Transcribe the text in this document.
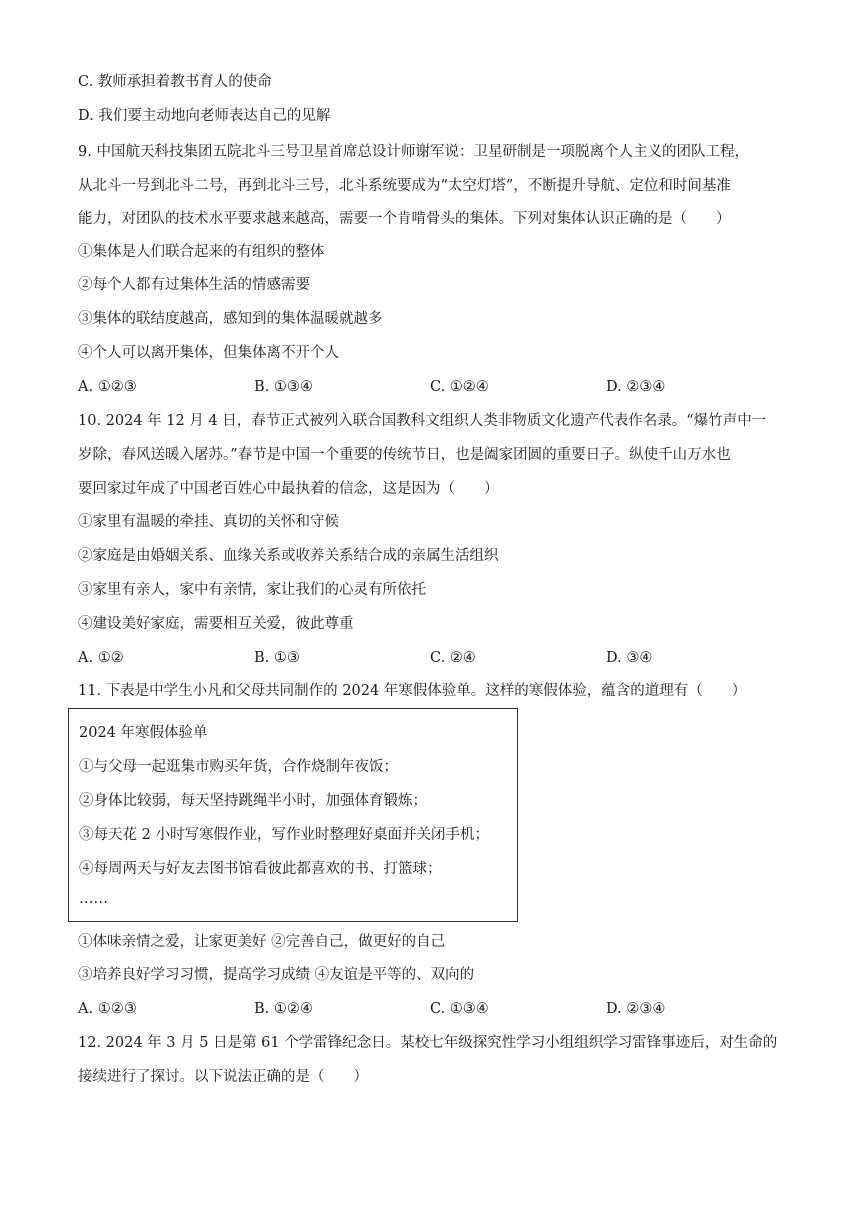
C. 教师承担着教书育人的使命
D. 我们要主动地向老师表达自己的见解
9. 中国航天科技集团五院北斗三号卫星首席总设计师谢军说：卫星研制是一项脱离个人主义的团队工程，
从北斗一号到北斗二号，再到北斗三号，北斗系统要成为“太空灯塔”，不断提升导航、定位和时间基准
能力，对团队的技术水平要求越来越高，需要一个肯啃骨头的集体。下列对集体认识正确的是（　　）
①集体是人们联合起来的有组织的整体
②每个人都有过集体生活的情感需要
③集体的联结度越高，感知到的集体温暖就越多
④个人可以离开集体，但集体离不开个人
A. ①②③	B. ①③④	C. ①②④	D. ②③④
10. 2024 年 12 月 4 日，春节正式被列入联合国教科文组织人类非物质文化遗产代表作名录。“爆竹声中一
岁除，春风送暖入屠苏。”春节是中国一个重要的传统节日，也是阖家团圆的重要日子。纵使千山万水也
要回家过年成了中国老百姓心中最执着的信念，这是因为（　　）
①家里有温暖的牵挂、真切的关怀和守候
②家庭是由婚姻关系、血缘关系或收养关系结合成的亲属生活组织
③家里有亲人，家中有亲情，家让我们的心灵有所依托
④建设美好家庭，需要相互关爱，彼此尊重
A. ①②	B. ①③	C. ②④	D. ③④
11. 下表是中学生小凡和父母共同制作的 2024 年寒假体验单。这样的寒假体验，蕴含的道理有（　　）
2024 年寒假体验单
①与父母一起逛集市购买年货，合作烧制年夜饭；
②身体比较弱，每天坚持跳绳半小时，加强体育锻炼；
③每天花 2 小时写寒假作业，写作业时整理好桌面并关闭手机；
④每周两天与好友去图书馆看彼此都喜欢的书、打篮球；
……
①体味亲情之爱，让家更美好 ②完善自己，做更好的自己
③培养良好学习习惯，提高学习成绩 ④友谊是平等的、双向的
A. ①②③	B. ①②④	C. ①③④	D. ②③④
12. 2024 年 3 月 5 日是第 61 个学雷锋纪念日。某校七年级探究性学习小组组织学习雷锋事迹后，对生命的
接续进行了探讨。以下说法正确的是（　　）
